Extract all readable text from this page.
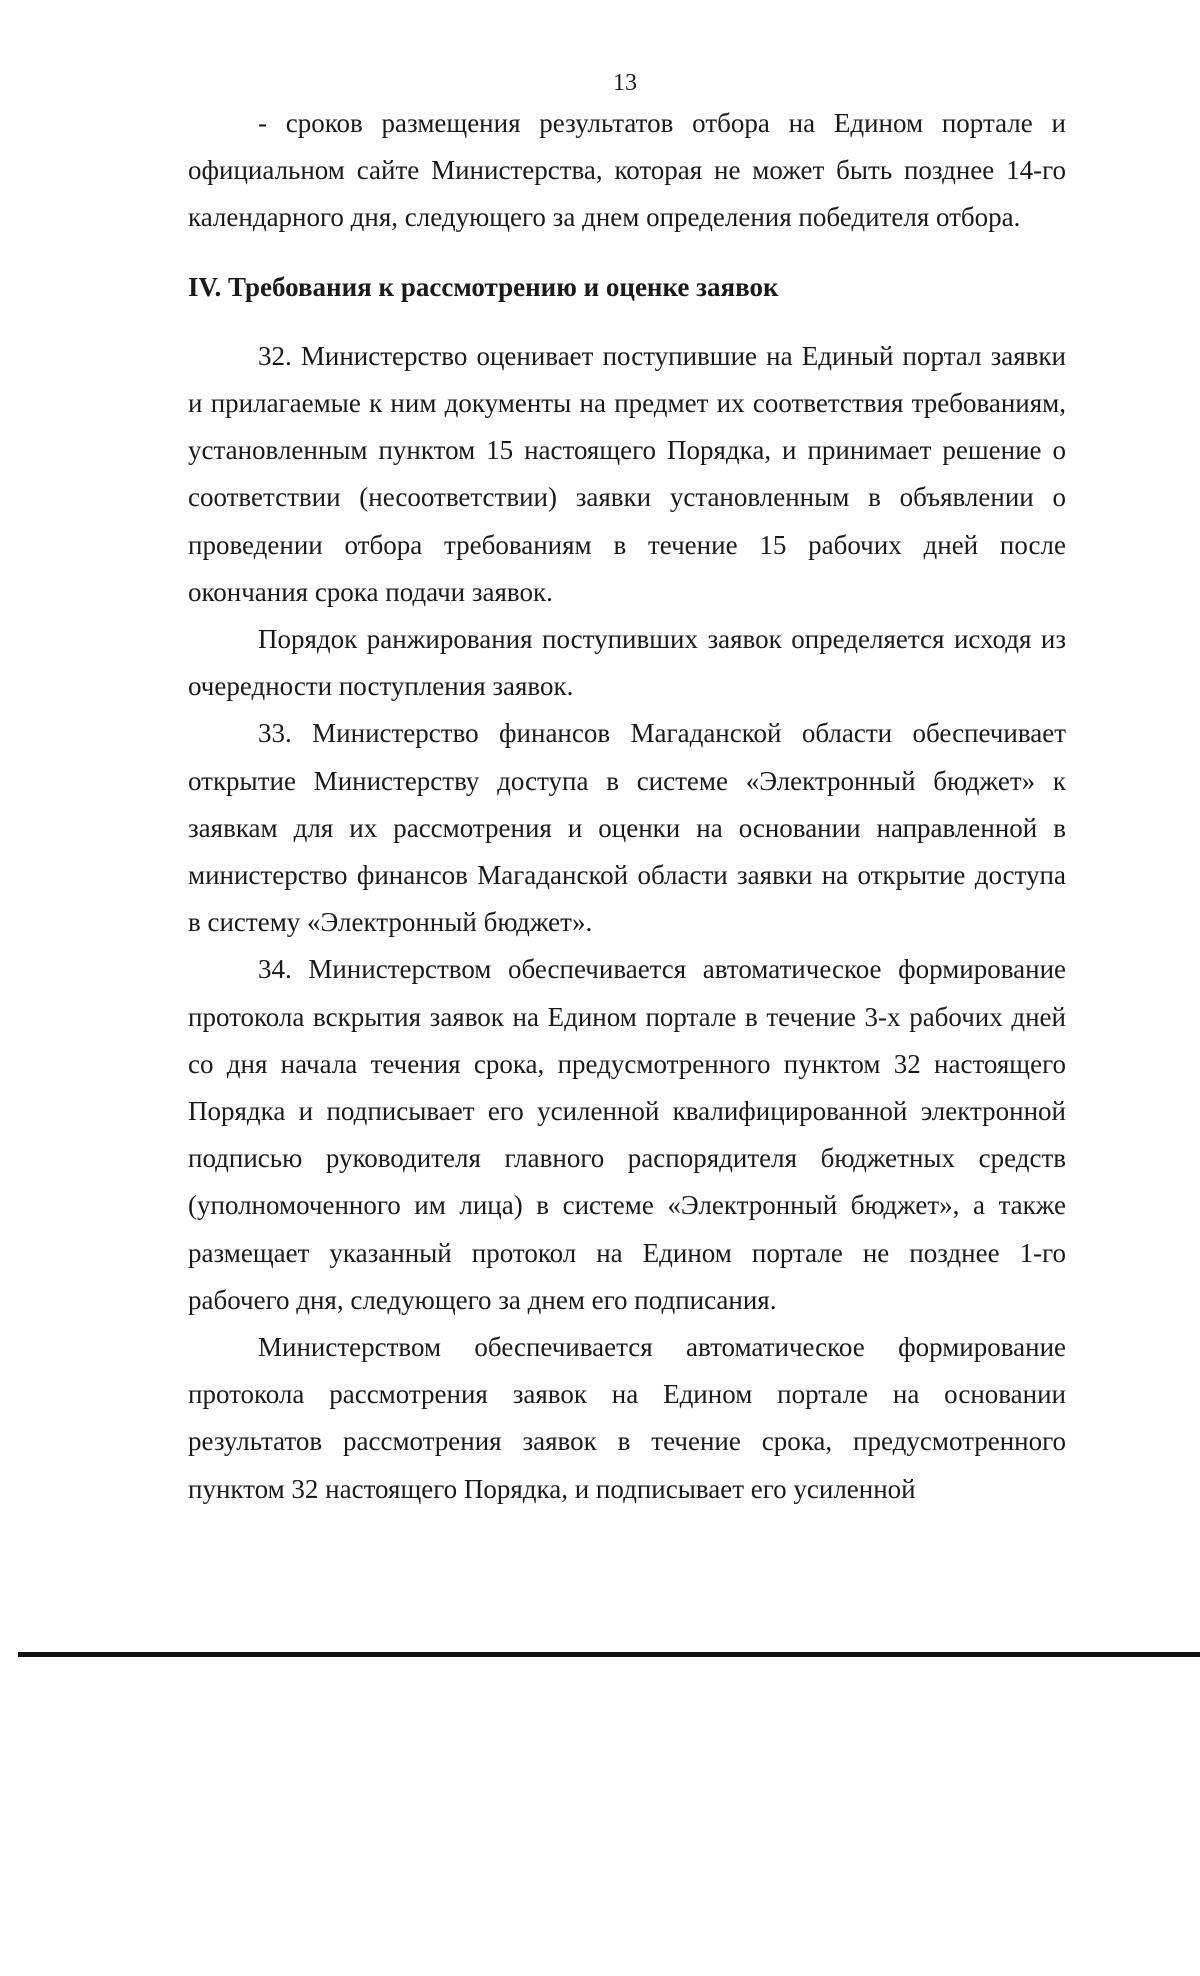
13

- сроков размещения результатов отбора на Едином портале и официальном сайте Министерства, которая не может быть позднее 14-го календарного дня, следующего за днем определения победителя отбора.

IV. Требования к рассмотрению и оценке заявок

32. Министерство оценивает поступившие на Единый портал заявки и прилагаемые к ним документы на предмет их соответствия требованиям, установленным пунктом 15 настоящего Порядка, и принимает решение о соответствии (несоответствии) заявки установленным в объявлении о проведении отбора требованиям в течение 15 рабочих дней после окончания срока подачи заявок.

Порядок ранжирования поступивших заявок определяется исходя из очередности поступления заявок.

33. Министерство финансов Магаданской области обеспечивает открытие Министерству доступа в системе «Электронный бюджет» к заявкам для их рассмотрения и оценки на основании направленной в министерство финансов Магаданской области заявки на открытие доступа в систему «Электронный бюджет».

34. Министерством обеспечивается автоматическое формирование протокола вскрытия заявок на Едином портале в течение 3-х рабочих дней со дня начала течения срока, предусмотренного пунктом 32 настоящего Порядка и подписывает его усиленной квалифицированной электронной подписью руководителя главного распорядителя бюджетных средств (уполномоченного им лица) в системе «Электронный бюджет», а также размещает указанный протокол на Едином портале не позднее 1-го рабочего дня, следующего за днем его подписания.

Министерством обеспечивается автоматическое формирование протокола рассмотрения заявок на Едином портале на основании результатов рассмотрения заявок в течение срока, предусмотренного пунктом 32 настоящего Порядка, и подписывает его усиленной
